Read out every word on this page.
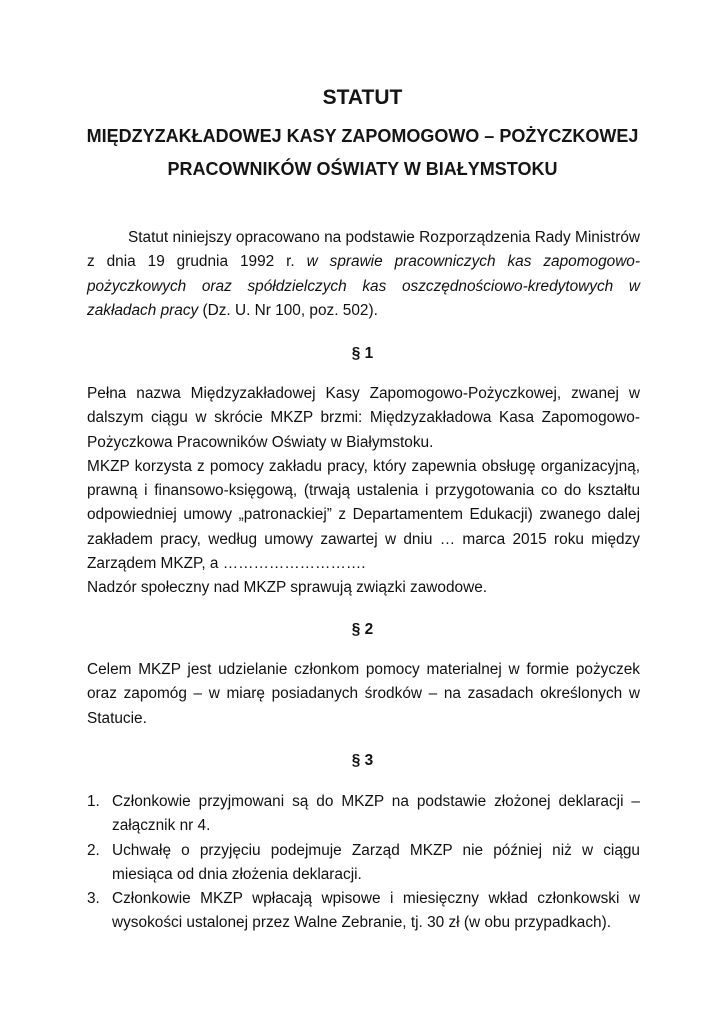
STATUT
MIĘDZYZAKŁADOWEJ KASY ZAPOMOGOWO – POŻYCZKOWEJ
PRACOWNIKÓW OŚWIATY W BIAŁYMSTOKU

Statut niniejszy opracowano na podstawie Rozporządzenia Rady Ministrów z dnia 19 grudnia 1992 r. w sprawie pracowniczych kas zapomogowo-pożyczkowych oraz spółdzielczych kas oszczędnościowo-kredytowych w zakładach pracy (Dz. U. Nr 100, poz. 502).

§ 1

Pełna nazwa Międzyzakładowej Kasy Zapomogowo-Pożyczkowej, zwanej w dalszym ciągu w skrócie MKZP brzmi: Międzyzakładowa Kasa Zapomogowo-Pożyczkowa Pracowników Oświaty w Białymstoku.

MKZP korzysta z pomocy zakładu pracy, który zapewnia obsługę organizacyjną, prawną i finansowo-księgową, (trwają ustalenia i przygotowania co do kształtu odpowiedniej umowy „patronackiej” z Departamentem Edukacji) zwanego dalej zakładem pracy, według umowy zawartej w dniu … marca 2015 roku między Zarządem MKZP, a ……………………….

Nadzór społeczny nad MKZP sprawują związki zawodowe.

§ 2

Celem MKZP jest udzielanie członkom pomocy materialnej w formie pożyczek oraz zapomóg – w miarę posiadanych środków – na zasadach określonych w Statucie.

§ 3
1. Członkowie przyjmowani są do MKZP na podstawie złożonej deklaracji – załącznik nr 4.
2. Uchwałę o przyjęciu podejmuje Zarząd MKZP nie później niż w ciągu miesiąca od dnia złożenia deklaracji.
3. Członkowie MKZP wpłacają wpisowe i miesięczny wkład członkowski w wysokości ustalonej przez Walne Zebranie, tj. 30 zł (w obu przypadkach).
